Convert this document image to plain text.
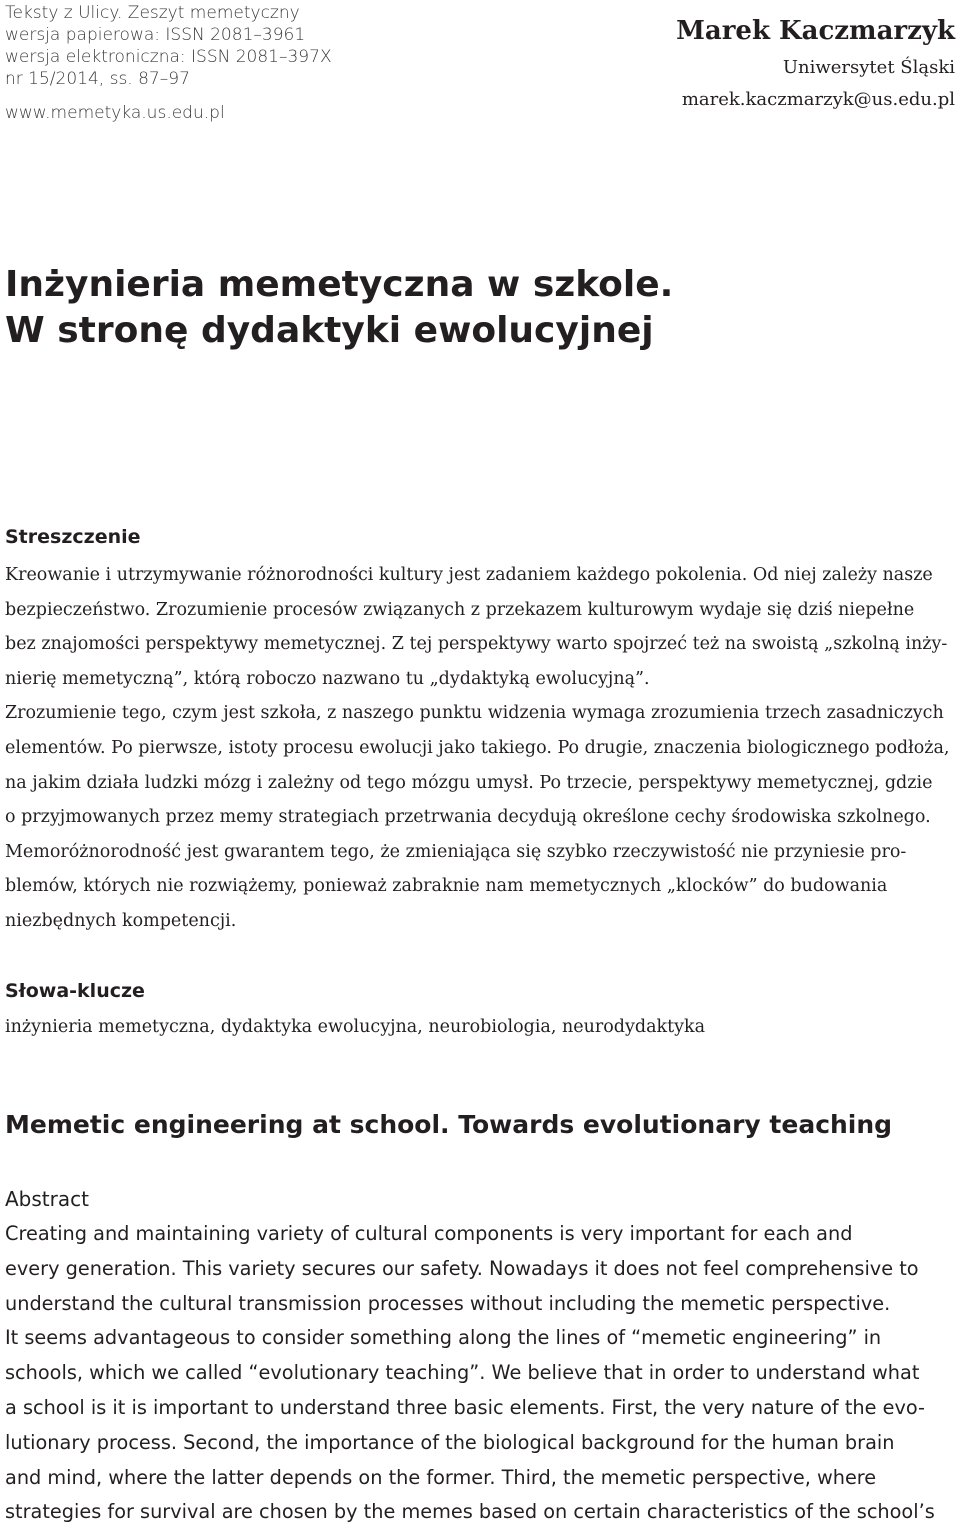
Teksty z Ulicy. Zeszyt memetyczny
wersja papierowa: ISSN 2081–3961
wersja elektroniczna: ISSN 2081–397X
nr 15/2014, ss. 87–97
www.memetyka.us.edu.pl
Marek Kaczmarzyk
Uniwersytet Śląski
marek.kaczmarzyk@us.edu.pl
Inżynieria memetyczna w szkole.
W stronę dydaktyki ewolucyjnej
Streszczenie
Kreowanie i utrzymywanie różnorodności kultury jest zadaniem każdego pokolenia. Od niej zależy nasze
bezpieczeństwo. Zrozumienie procesów związanych z przekazem kulturowym wydaje się dziś niepełne
bez znajomości perspektywy memetycznej. Z tej perspektywy warto spojrzeć też na swoistą „szkolną inży-
nierię memetyczną”, którą roboczo nazwano tu „dydaktyką ewolucyjną”.
Zrozumienie tego, czym jest szkoła, z naszego punktu widzenia wymaga zrozumienia trzech zasadniczych
elementów. Po pierwsze, istoty procesu ewolucji jako takiego. Po drugie, znaczenia biologicznego podłoża,
na jakim działa ludzki mózg i zależny od tego mózgu umysł. Po trzecie, perspektywy memetycznej, gdzie
o przyjmowanych przez memy strategiach przetrwania decydują określone cechy środowiska szkolnego.
Memoróżnorodność jest gwarantem tego, że zmieniająca się szybko rzeczywistość nie przyniesie pro-
blemów, których nie rozwiążemy, ponieważ zabraknie nam memetycznych „klocków” do budowania
niezbędnych kompetencji.
Słowa-klucze
inżynieria memetyczna, dydaktyka ewolucyjna, neurobiologia, neurodydaktyka
Memetic engineering at school. Towards evolutionary teaching
Abstract
Creating and maintaining variety of cultural components is very important for each and
every generation. This variety secures our safety. Nowadays it does not feel comprehensive to
understand the cultural transmission processes without including the memetic perspective.
It seems advantageous to consider something along the lines of “memetic engineering” in
schools, which we called “evolutionary teaching”. We believe that in order to understand what
a school is it is important to understand three basic elements. First, the very nature of the evo-
lutionary process. Second, the importance of the biological background for the human brain
and mind, where the latter depends on the former. Third, the memetic perspective, where
strategies for survival are chosen by the memes based on certain characteristics of the school’s
